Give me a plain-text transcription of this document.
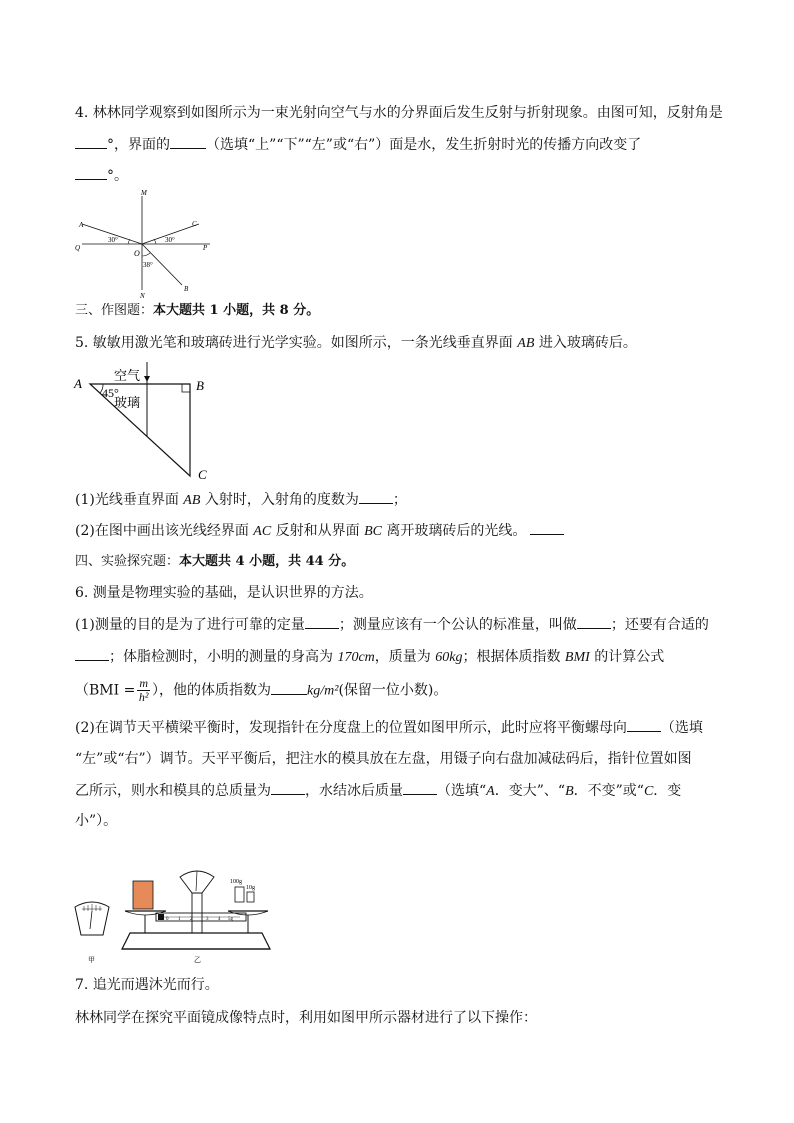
4. 林林同学观察到如图所示为一束光射向空气与水的分界面后发生反射与折射现象。由图可知，反射角是
°，界面的	（选填“上”“下”“左”或“右”）面是水，发生折射时光的传播方向改变了
°。
M
N
A	C
B
O
P
Q
30°	30°
38°
三、作图题：本大题共 1 小题，共 8 分。
5. 敏敏用激光笔和玻璃砖进行光学实验。如图所示，一条光线垂直界面 AB 进入玻璃砖后。
A	B
C
空气
玻璃
45°
(1)光线垂直界面 AB 入射时，入射角的度数为 ；
(2)在图中画出该光线经界面 AC 反射和从界面 BC 离开玻璃砖后的光线。
四、实验探究题：本大题共 4 小题，共 44 分。
6. 测量是物理实验的基础，是认识世界的方法。
(1)测量的目的是为了进行可靠的定量 ；测量应该有一个公认的标准量，叫做 ；还要有合适的
；体脂检测时，小明的测量的身高为 170cm，质量为 60kg；根据体质指数 BMI 的计算公式
（$BMI = \frac{m}{\text{h²}}$ ），他的体质指数为	kg/m²(保留一位小数)。
(2)在调节天平横梁平衡时，发现指针在分度盘上的位置如图甲所示，此时应将平衡螺母向 （选填
“左”或“右”）调节。天平平衡后，把注水的模具放在左盘，用镊子向右盘加减砝码后，指针位置如图
乙所示，则水和模具的总质量为 ，水结冰后质量 （选填“A．变大”、“B．不变”或“C．变
小”）。
甲
100g
10g
0 1 2	3 4 5g
乙
7. 追光而遇沐光而行。
林林同学在探究平面镜成像特点时，利用如图甲所示器材进行了以下操作：
